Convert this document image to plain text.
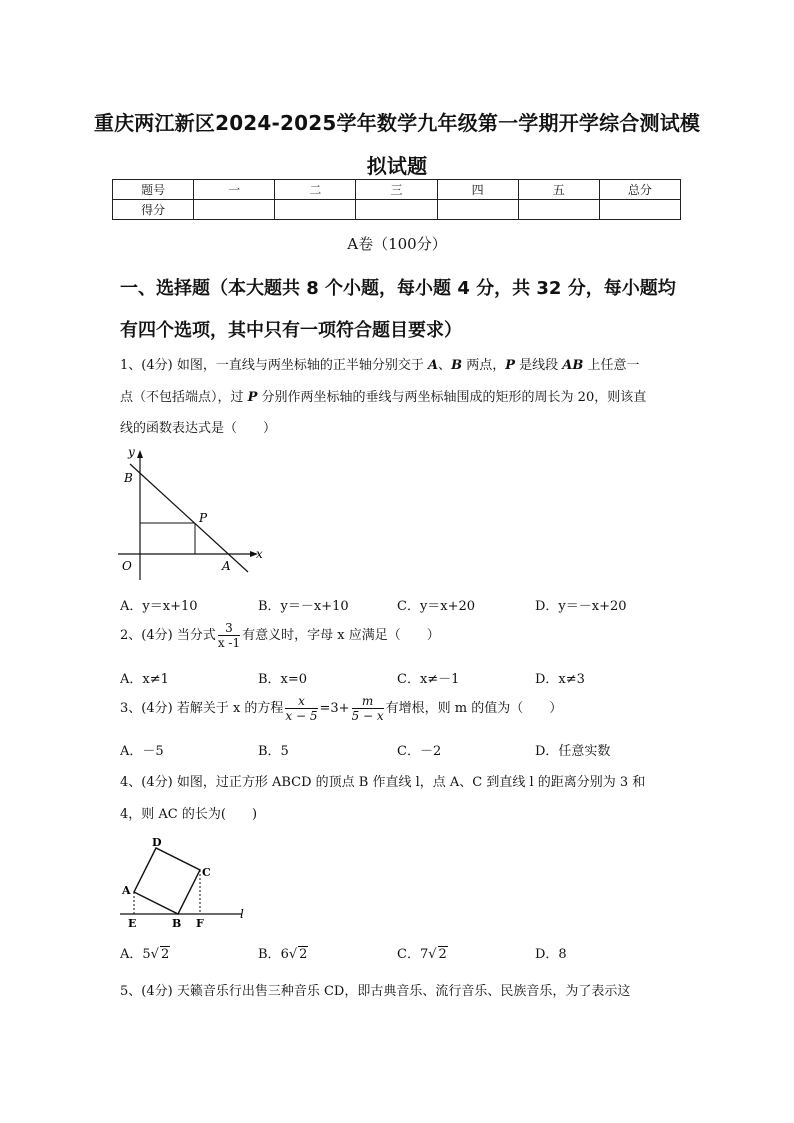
重庆两江新区2024-2025学年数学九年级第一学期开学综合测试模
拟试题
题号	一	二	三	四	五	总分
得分						
A卷（100分）
一、选择题（本大题共 8 个小题，每小题 4 分，共 32 分，每小题均
有四个选项，其中只有一项符合题目要求）
1、(4分) 如图，一直线与两坐标轴的正半轴分别交于 A、B 两点，P 是线段 AB 上任意一
点（不包括端点），过 P 分别作两坐标轴的垂线与两坐标轴围成的矩形的周长为 20，则该直
线的函数表达式是（　　）
y
B
P
x
O	A
A．y＝x+10	B．y＝－x+10	C．y＝x+20	D．y＝－x+20
2、(4分) 当分式 $\frac{3}{x -1}$ 有意义时，字母 x 应满足（　　）
A．x≠1	B．x=0	C．x≠－1	D．x≠3
3、(4分) 若解关于 x 的方程 $\frac{x}{x - 5} =3+ \frac{m}{5 - x}$ 有增根，则 m 的值为（　　）
A．－5	B．5	C．－2	D．任意实数
4、(4分) 如图，过正方形 ABCD 的顶点 B 作直线 l，点 A、C 到直线 l 的距离分别为 3 和
4，则 AC 的长为(　　)
D
C
A
E	B F
l
A．5√ 2	B．6√ 2	C．7√ 2	D．8
5、(4分) 天籁音乐行出售三种音乐 CD，即古典音乐、流行音乐、民族音乐，为了表示这
